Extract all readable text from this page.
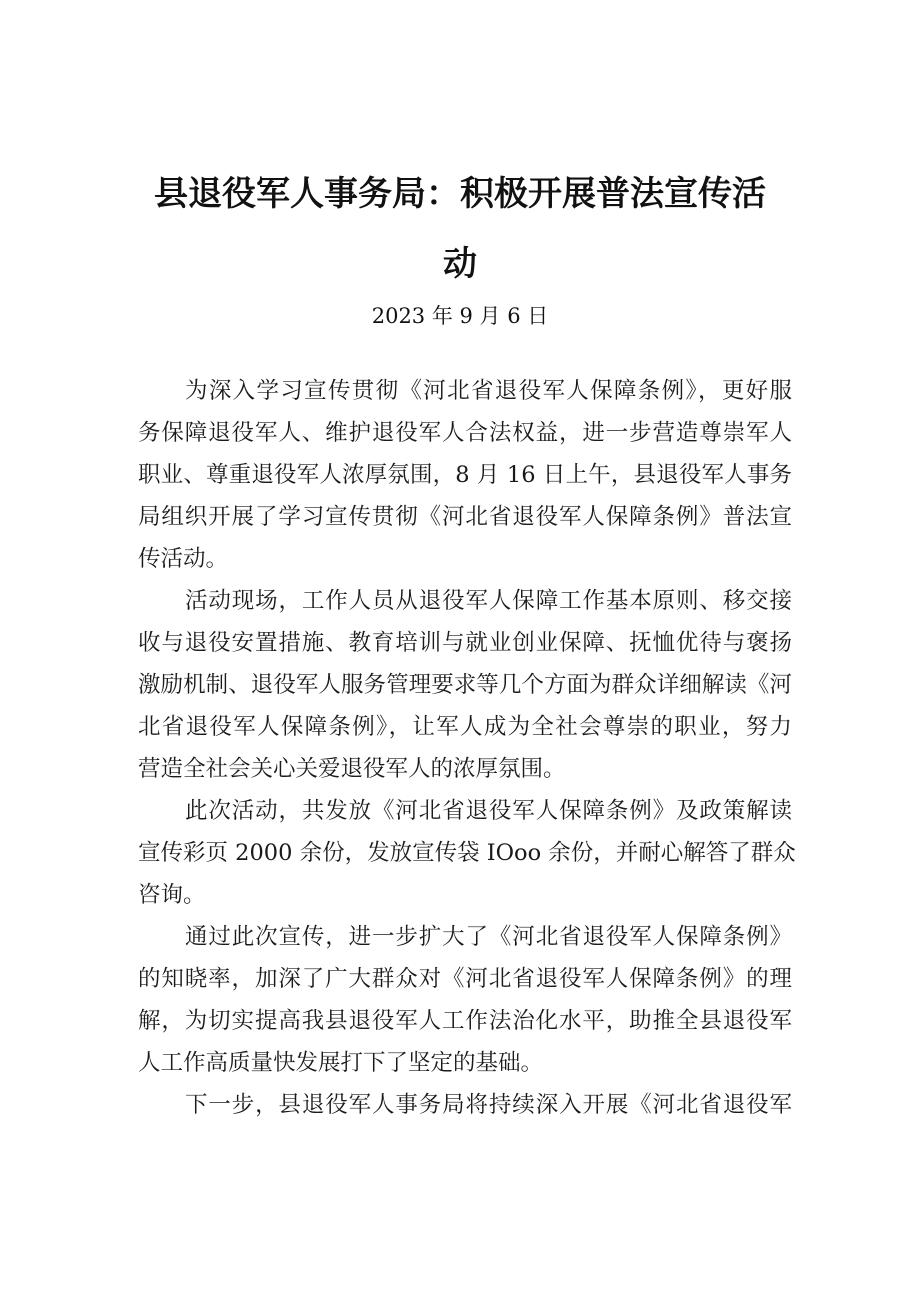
县退役军人事务局：积极开展普法宣传活
动
2023 年 9 月 6 日
为深入学习宣传贯彻《河北省退役军人保障条例》，更好服
务保障退役军人、维护退役军人合法权益，进一步营造尊崇军人
职业、尊重退役军人浓厚氛围，8 月 16 日上午，县退役军人事务
局组织开展了学习宣传贯彻《河北省退役军人保障条例》普法宣
传活动。
活动现场，工作人员从退役军人保障工作基本原则、移交接
收与退役安置措施、教育培训与就业创业保障、抚恤优待与褒扬
激励机制、退役军人服务管理要求等几个方面为群众详细解读《河
北省退役军人保障条例》，让军人成为全社会尊崇的职业，努力
营造全社会关心关爱退役军人的浓厚氛围。
此次活动，共发放《河北省退役军人保障条例》及政策解读
宣传彩页 2000 余份，发放宣传袋 IOoo 余份，并耐心解答了群众
咨询。
通过此次宣传，进一步扩大了《河北省退役军人保障条例》
的知晓率，加深了广大群众对《河北省退役军人保障条例》的理
解，为切实提高我县退役军人工作法治化水平，助推全县退役军
人工作高质量快发展打下了坚定的基础。
下一步，县退役军人事务局将持续深入开展《河北省退役军
